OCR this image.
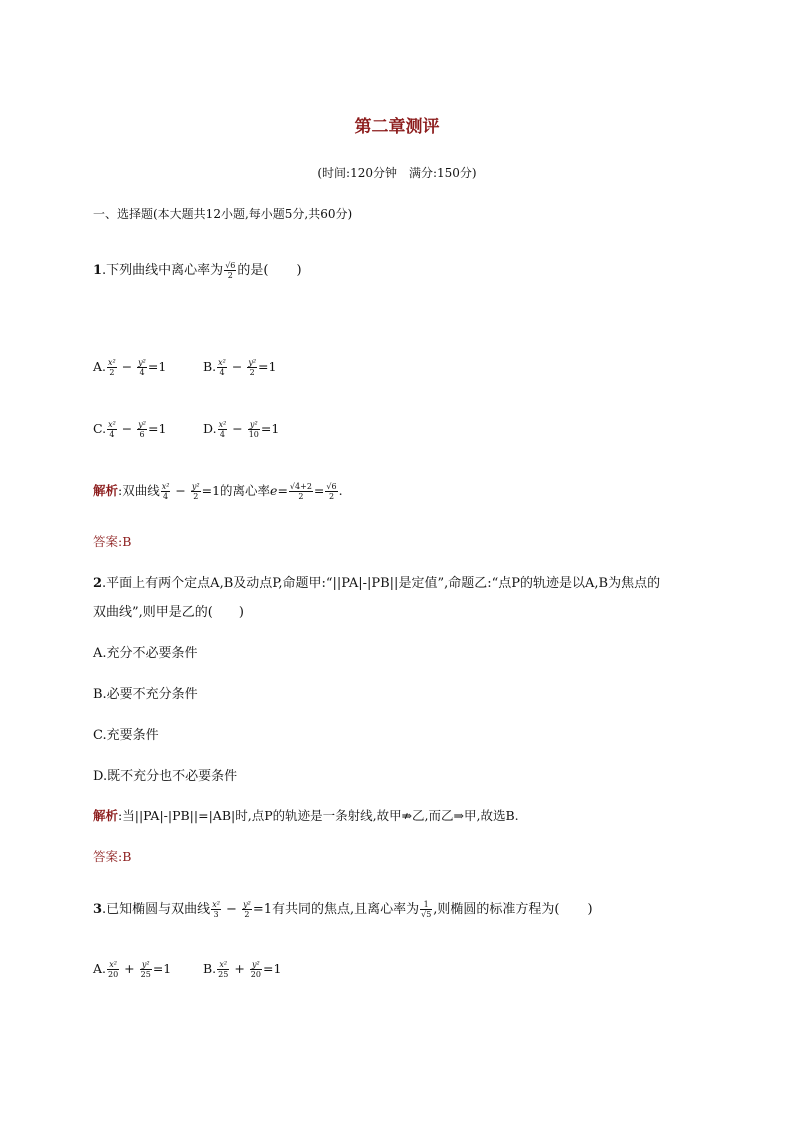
第二章测评
(时间:120分钟　满分:150分)
一、选择题(本大题共12小题,每小题5分,共60分)
1.下列曲线中离心率为 $\frac{√6}{2}$ 的是( )
A. $\frac{\text{x²}}{2} - \frac{\text{y²}}{4} =1$	B. $\frac{\text{x²}}{4} - \frac{\text{y²}}{2} =1$
C. $\frac{\text{x²}}{4} - \frac{\text{y²}}{6} =1$	D. $\frac{\text{x²}}{4} - \frac{\text{y²}}{10} =1$
解析:双曲线 $\frac{\text{x²}}{4} - \frac{\text{y²}}{2} =1$的离心率$e= \frac{√4+2}{2} = \frac{√6}{2}$ .
答案:B
2.平面上有两个定点A,B及动点P,命题甲:“||PA|-|PB||是定值”,命题乙:“点P的轨迹是以A,B为焦点的
双曲线”,则甲是乙的(　　)
A.充分不必要条件
B.必要不充分条件
C.充要条件
D.既不充分也不必要条件
解析:当||PA|-|PB||=|AB|时,点P的轨迹是一条射线,故甲⇏乙,而乙⇒甲,故选B.
答案:B
3.已知椭圆与双曲线 $\frac{\text{x²}}{3} - \frac{\text{y²}}{2} =1$有共同的焦点,且离心率为 $\frac{1}{√5}$ ,则椭圆的标准方程为( )
A. $\frac{\text{x²}}{20} + \frac{\text{y²}}{25} =1$	B. $\frac{\text{x²}}{25} + \frac{\text{y²}}{20} =1$
